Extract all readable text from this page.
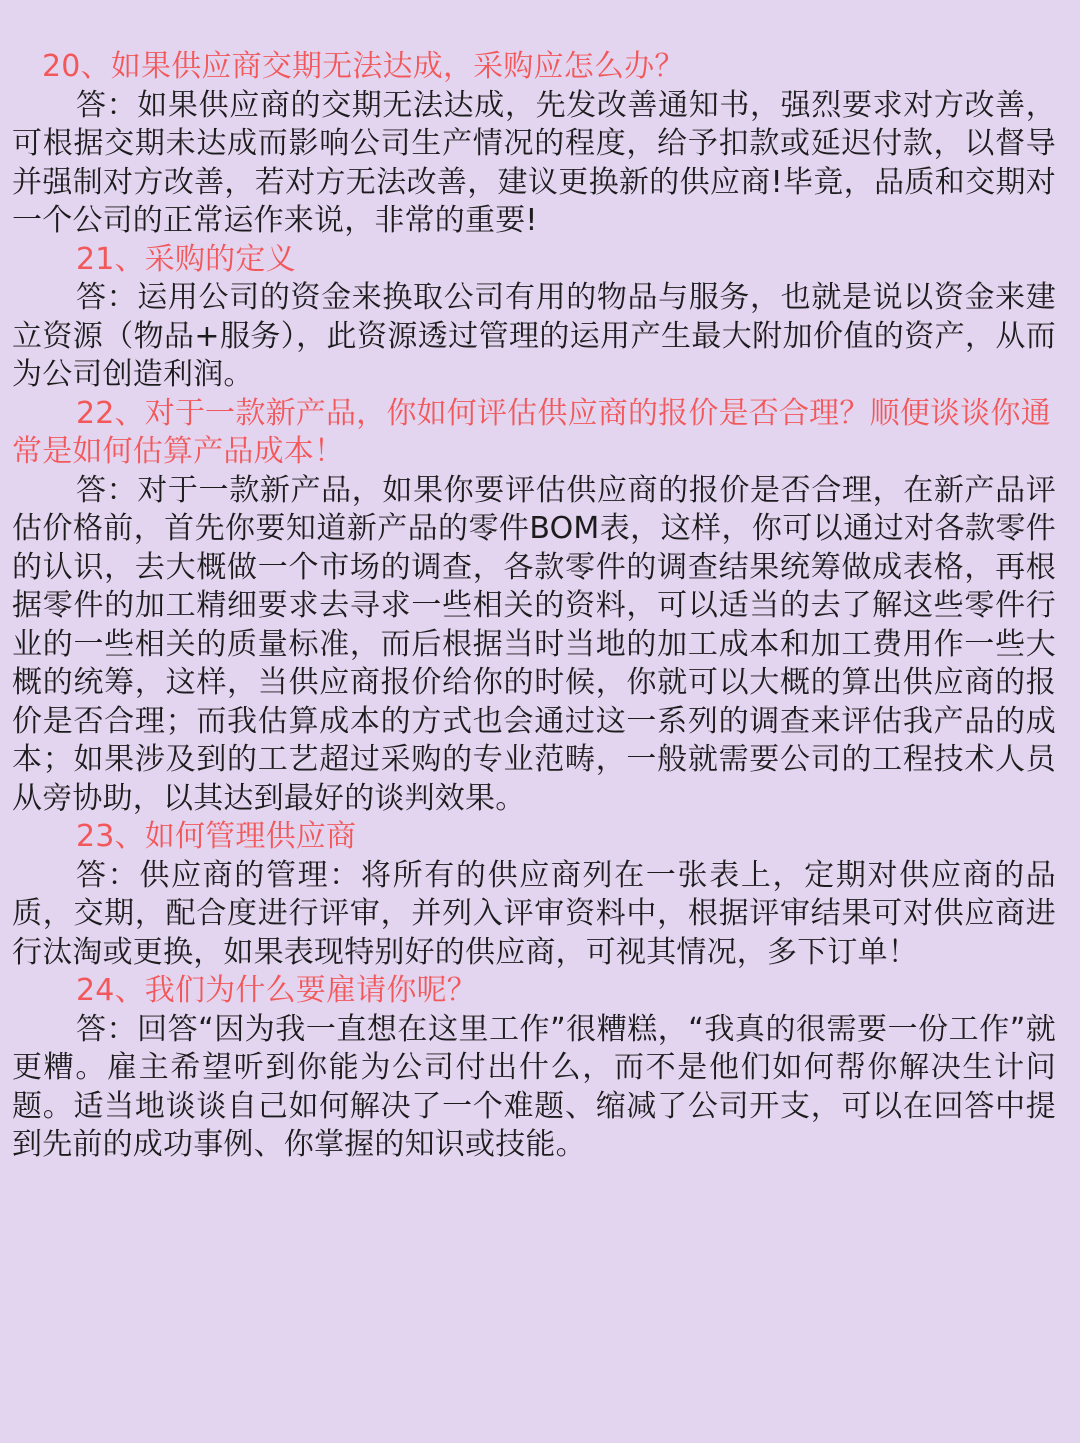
20、如果供应商交期无法达成，采购应怎么办？

答：如果供应商的交期无法达成，先发改善通知书，强烈要求对方改善，可根据交期未达成而影响公司生产情况的程度，给予扣款或延迟付款，以督导并强制对方改善，若对方无法改善，建议更换新的供应商!毕竟，品质和交期对一个公司的正常运作来说，非常的重要!

21、采购的定义

答：运用公司的资金来换取公司有用的物品与服务，也就是说以资金来建立资源（物品+服务），此资源透过管理的运用产生最大附加价值的资产，从而为公司创造利润。

22、对于一款新产品，你如何评估供应商的报价是否合理？顺便谈谈你通常是如何估算产品成本！

答：对于一款新产品，如果你要评估供应商的报价是否合理，在新产品评估价格前，首先你要知道新产品的零件BOM表，这样，你可以通过对各款零件的认识，去大概做一个市场的调查，各款零件的调查结果统筹做成表格，再根据零件的加工精细要求去寻求一些相关的资料，可以适当的去了解这些零件行业的一些相关的质量标准，而后根据当时当地的加工成本和加工费用作一些大概的统筹，这样，当供应商报价给你的时候，你就可以大概的算出供应商的报价是否合理；而我估算成本的方式也会通过这一系列的调查来评估我产品的成本；如果涉及到的工艺超过采购的专业范畴，一般就需要公司的工程技术人员从旁协助，以其达到最好的谈判效果。

23、如何管理供应商

答：供应商的管理：将所有的供应商列在一张表上，定期对供应商的品质，交期，配合度进行评审，并列入评审资料中，根据评审结果可对供应商进行汰淘或更换，如果表现特别好的供应商，可视其情况，多下订单！

24、我们为什么要雇请你呢？

答：回答“因为我一直想在这里工作”很糟糕，“我真的很需要一份工作”就更糟。雇主希望听到你能为公司付出什么，而不是他们如何帮你解决生计问题。适当地谈谈自己如何解决了一个难题、缩减了公司开支，可以在回答中提到先前的成功事例、你掌握的知识或技能。
